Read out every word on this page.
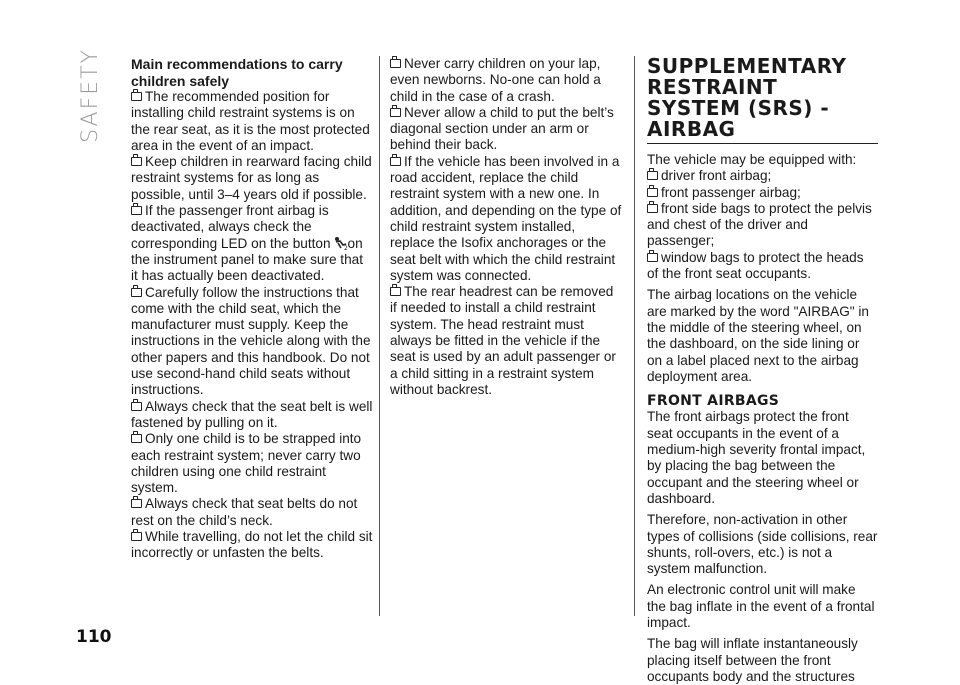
SAFETY
110

Main recommendations to carry children safely

The recommended position for installing child restraint systems is on the rear seat, as it is the most protected area in the event of an impact.

Keep children in rearward facing child restraint systems for as long as possible, until 3–4 years old if possible.

If the passenger front airbag is deactivated, always check the corresponding LED on the button 2 on the instrument panel to make sure that it has actually been deactivated.

Carefully follow the instructions that come with the child seat, which the manufacturer must supply. Keep the instructions in the vehicle along with the other papers and this handbook. Do not use second-hand child seats without instructions.

Always check that the seat belt is well fastened by pulling on it.

Only one child is to be strapped into each restraint system; never carry two children using one child restraint system.

Always check that seat belts do not rest on the child’s neck.

While travelling, do not let the child sit incorrectly or unfasten the belts.

Never carry children on your lap, even newborns. No-one can hold a child in the case of a crash.

Never allow a child to put the belt’s diagonal section under an arm or behind their back.

If the vehicle has been involved in a road accident, replace the child restraint system with a new one. In addition, and depending on the type of child restraint system installed, replace the Isofix anchorages or the seat belt with which the child restraint system was connected.

The rear headrest can be removed if needed to install a child restraint system. The head restraint must always be fitted in the vehicle if the seat is used by an adult passenger or a child sitting in a restraint system without backrest.

SUPPLEMENTARY RESTRAINT SYSTEM (SRS) - AIRBAG

The vehicle may be equipped with:

driver front airbag;

front passenger airbag;

front side bags to protect the pelvis and chest of the driver and passenger;

window bags to protect the heads of the front seat occupants.

The airbag locations on the vehicle are marked by the word "AIRBAG" in the middle of the steering wheel, on the dashboard, on the side lining or on a label placed next to the airbag deployment area.

FRONT AIRBAGS

The front airbags protect the front seat occupants in the event of a medium-high severity frontal impact, by placing the bag between the occupant and the steering wheel or dashboard.

Therefore, non-activation in other types of collisions (side collisions, rear shunts, roll-overs, etc.) is not a system malfunction.

An electronic control unit will make the bag inflate in the event of a frontal impact.

The bag will inflate instantaneously placing itself between the front occupants body and the structures
